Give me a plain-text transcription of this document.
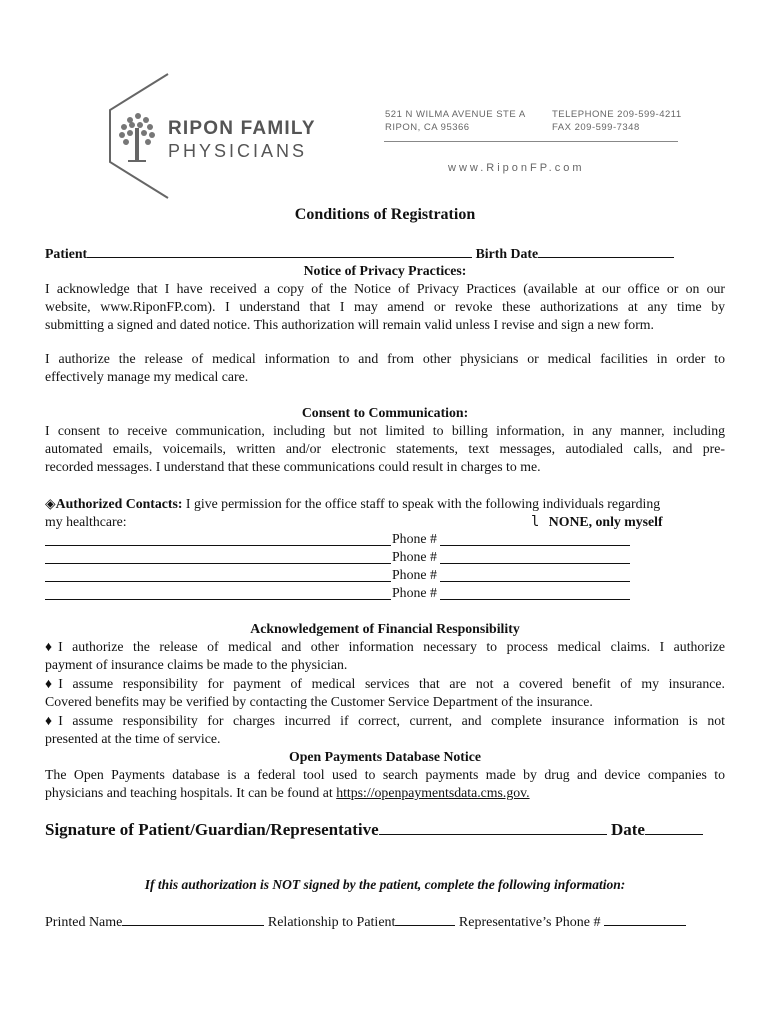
RIPON FAMILY
PHYSICIANS
521 N WILMA AVENUE STE A
RIPON, CA 95366
TELEPHONE 209-599-4211
FAX 209-599-7348
www.RiponFP.com
Conditions of Registration
Patient	Birth Date
Notice of Privacy Practices:
I acknowledge that I have received a copy of the Notice of Privacy Practices (available at our office or on our
website, www.RiponFP.com). I understand that I may amend or revoke these authorizations at any time by
submitting a signed and dated notice. This authorization will remain valid unless I revise and sign a new form.
I authorize the release of medical information to and from other physicians or medical facilities in order to
effectively manage my medical care.
Consent to Communication:
I consent to receive communication, including but not limited to billing information, in any manner, including
automated emails, voicemails, written and/or electronic statements, text messages, autodialed calls, and pre-
recorded messages. I understand that these communications could result in charges to me.
◈Authorized Contacts: I give permission for the office staff to speak with the following individuals regarding
my healthcare:	l NONE, only myself
Phone #
Phone #
Phone #
Phone #
Acknowledgement of Financial Responsibility
♦I authorize the release of medical and other information necessary to process medical claims. I authorize
payment of insurance claims be made to the physician.
♦I assume responsibility for payment of medical services that are not a covered benefit of my insurance.
Covered benefits may be verified by contacting the Customer Service Department of the insurance.
♦I assume responsibility for charges incurred if correct, current, and complete insurance information is not
presented at the time of service.
Open Payments Database Notice
The Open Payments database is a federal tool used to search payments made by drug and device companies to
physicians and teaching hospitals. It can be found at https://openpaymentsdata.cms.gov.
Signature of Patient/Guardian/Representative	Date
If this authorization is NOT signed by the patient, complete the following information:
Printed Name	Relationship to Patient	Representative’s Phone #
